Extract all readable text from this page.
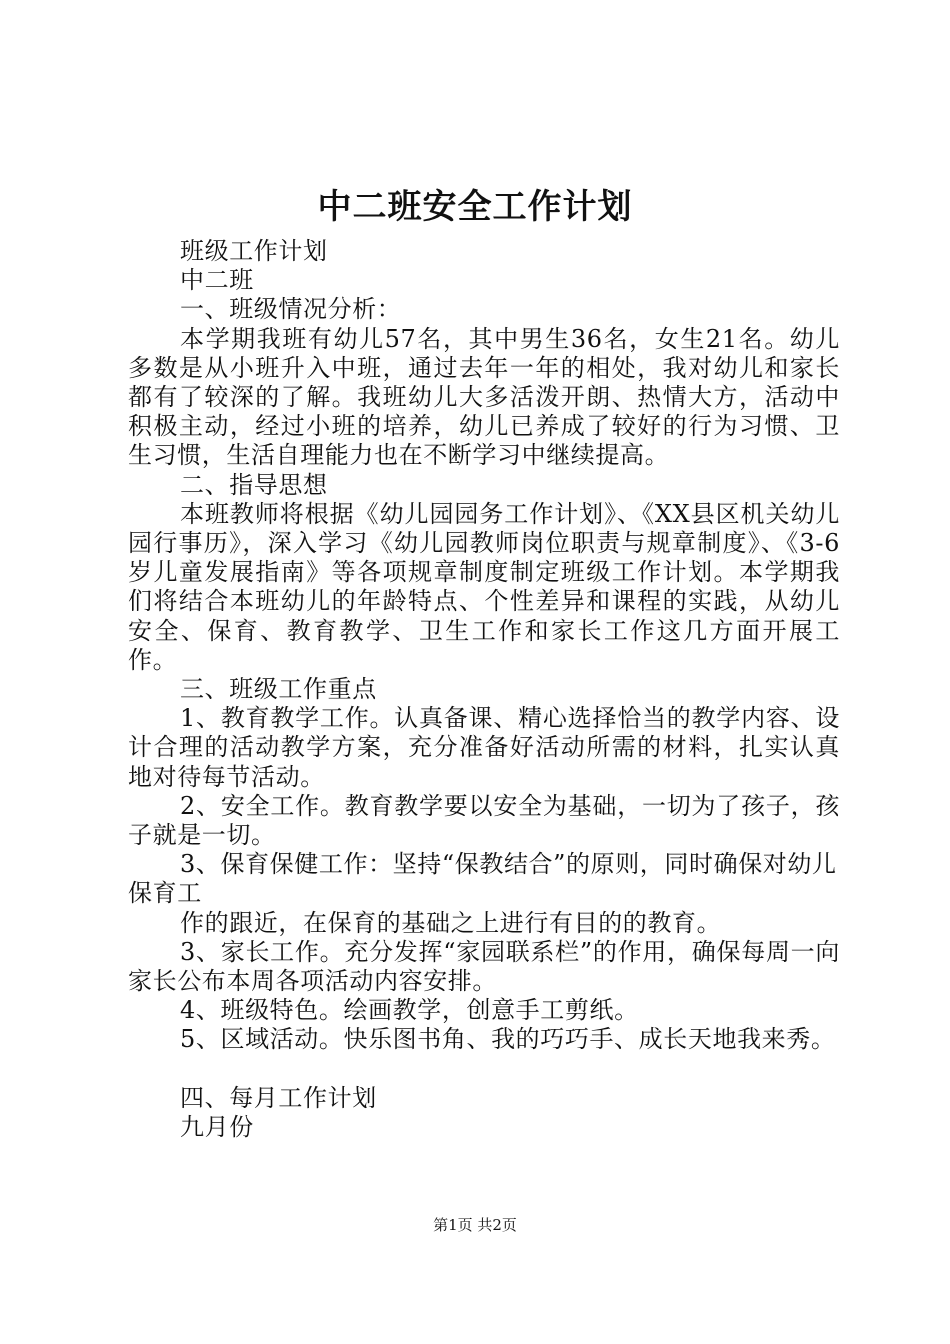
中二班安全工作计划

班级工作计划

中二班

一、班级情况分析：

本学期我班有幼儿57名，其中男生36名，女生21名。幼儿多数是从小班升入中班，通过去年一年的相处，我对幼儿和家长都有了较深的了解。我班幼儿大多活泼开朗、热情大方，活动中积极主动，经过小班的培养，幼儿已养成了较好的行为习惯、卫生习惯，生活自理能力也在不断学习中继续提高。

二、指导思想

本班教师将根据《幼儿园园务工作计划》、《XX县区机关幼儿园行事历》，深入学习《幼儿园教师岗位职责与规章制度》、《3-6岁儿童发展指南》等各项规章制度制定班级工作计划。本学期我们将结合本班幼儿的年龄特点、个性差异和课程的实践，从幼儿安全、保育、教育教学、卫生工作和家长工作这几方面开展工作。

三、班级工作重点

1、教育教学工作。认真备课、精心选择恰当的教学内容、设计合理的活动教学方案，充分准备好活动所需的材料，扎实认真地对待每节活动。

2、安全工作。教育教学要以安全为基础，一切为了孩子，孩子就是一切。

3、保育保健工作：坚持“保教结合”的原则，同时确保对幼儿保育工

作的跟近，在保育的基础之上进行有目的的教育。

3、家长工作。充分发挥“家园联系栏”的作用，确保每周一向家长公布本周各项活动内容安排。

4、班级特色。绘画教学，创意手工剪纸。

5、区域活动。快乐图书角、我的巧巧手、成长天地我来秀。

四、每月工作计划

九月份

第1页 共2页
